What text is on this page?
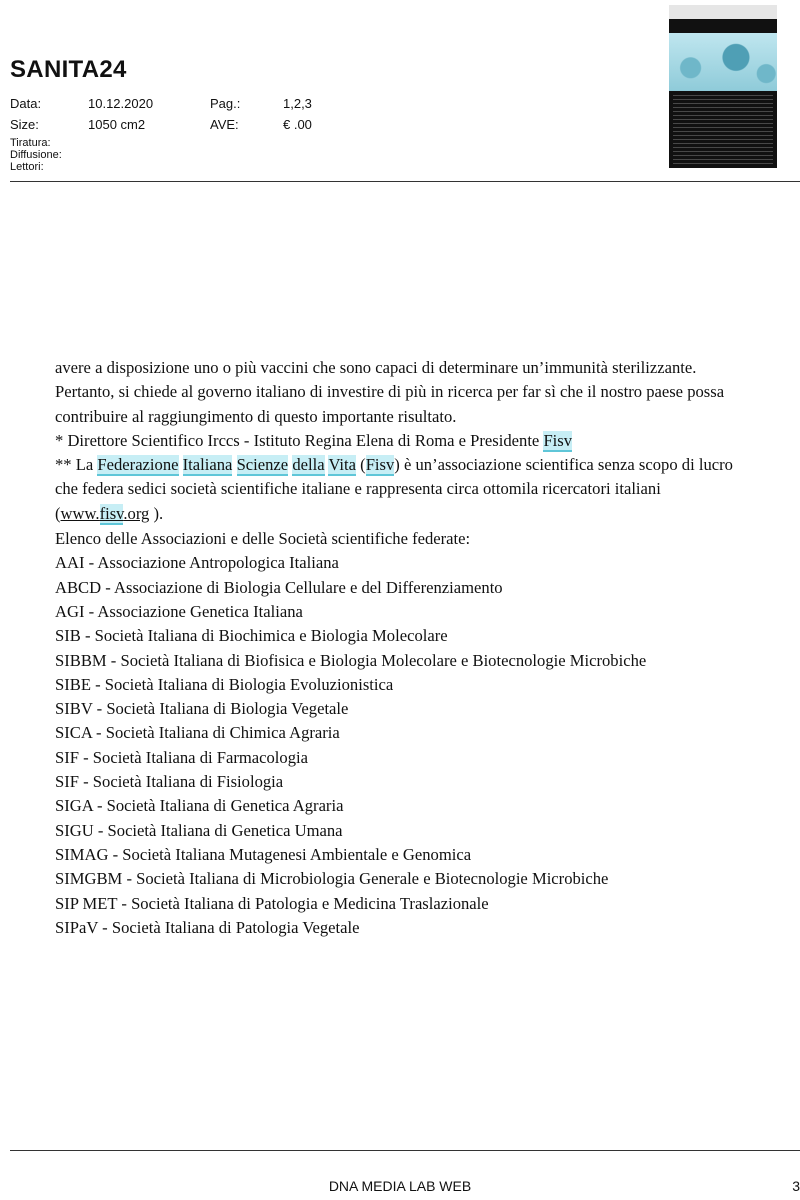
SANITA24
Data:	10.12.2020	Pag.:	1,2,3
Size:	1050 cm2	AVE:	€ .00
Tiratura:
Diffusione:
Lettori:

avere a disposizione uno o più vaccini che sono capaci di determinare un’immunità sterilizzante. Pertanto, si chiede al governo italiano di investire di più in ricerca per far sì che il nostro paese possa contribuire al raggiungimento di questo importante risultato.

* Direttore Scientifico Irccs - Istituto Regina Elena di Roma e Presidente Fisv

** La Federazione Italiana Scienze della Vita (Fisv) è un’associazione scientifica senza scopo di lucro che federa sedici società scientifiche italiane e rappresenta circa ottomila ricercatori italiani (www.fisv.org ).

Elenco delle Associazioni e delle Società scientifiche federate:

AAI - Associazione Antropologica Italiana
ABCD - Associazione di Biologia Cellulare e del Differenziamento
AGI - Associazione Genetica Italiana
SIB - Società Italiana di Biochimica e Biologia Molecolare
SIBBM - Società Italiana di Biofisica e Biologia Molecolare e Biotecnologie Microbiche
SIBE - Società Italiana di Biologia Evoluzionistica
SIBV - Società Italiana di Biologia Vegetale
SICA - Società Italiana di Chimica Agraria
SIF - Società Italiana di Farmacologia
SIF - Società Italiana di Fisiologia
SIGA - Società Italiana di Genetica Agraria
SIGU - Società Italiana di Genetica Umana
SIMAG - Società Italiana Mutagenesi Ambientale e Genomica
SIMGBM - Società Italiana di Microbiologia Generale e Biotecnologie Microbiche
SIP MET - Società Italiana di Patologia e Medicina Traslazionale
SIPaV - Società Italiana di Patologia Vegetale
DNA MEDIA LAB WEB	3
